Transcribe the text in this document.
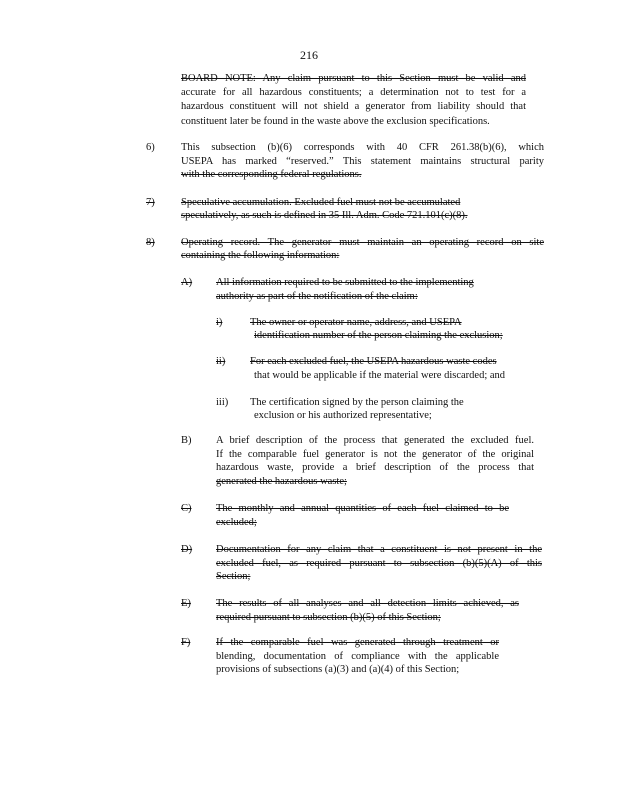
216
BOARD NOTE: Any claim pursuant to this Section must be valid and
accurate for all hazardous constituents; a determination not to test for a
hazardous constituent will not shield a generator from liability should that
constituent later be found in the waste above the exclusion specifications.
6)	This subsection (b)(6) corresponds with 40 CFR 261.38(b)(6), which
USEPA has marked “reserved.” This statement maintains structural parity
with the corresponding federal regulations.
7)	Speculative accumulation. Excluded fuel must not be accumulated
speculatively, as such is defined in 35 Ill. Adm. Code 721.101(c)(8).
8)	Operating record. The generator must maintain an operating record on site
containing the following information:
A) All information required to be submitted to the implementing
authority as part of the notification of the claim:
B) A brief description of the process that generated the excluded fuel.
If the comparable fuel generator is not the generator of the original
hazardous waste, provide a brief description of the process that
generated the hazardous waste;
C) The monthly and annual quantities of each fuel claimed to be
excluded;
D) Documentation for any claim that a constituent is not present in the
excluded fuel, as required pursuant to subsection (b)(5)(A) of this
Section;
E) The results of all analyses and all detection limits achieved, as
required pursuant to subsection (b)(5) of this Section;
F) If the comparable fuel was generated through treatment or
blending, documentation of compliance with the applicable
provisions of subsections (a)(3) and (a)(4) of this Section;
i)	The owner or operator name, address, and USEPA
identification number of the person claiming the exclusion;
ii) For each excluded fuel, the USEPA hazardous waste codes
that would be applicable if the material were discarded; and
iii) The certification signed by the person claiming the
exclusion or his authorized representative;
